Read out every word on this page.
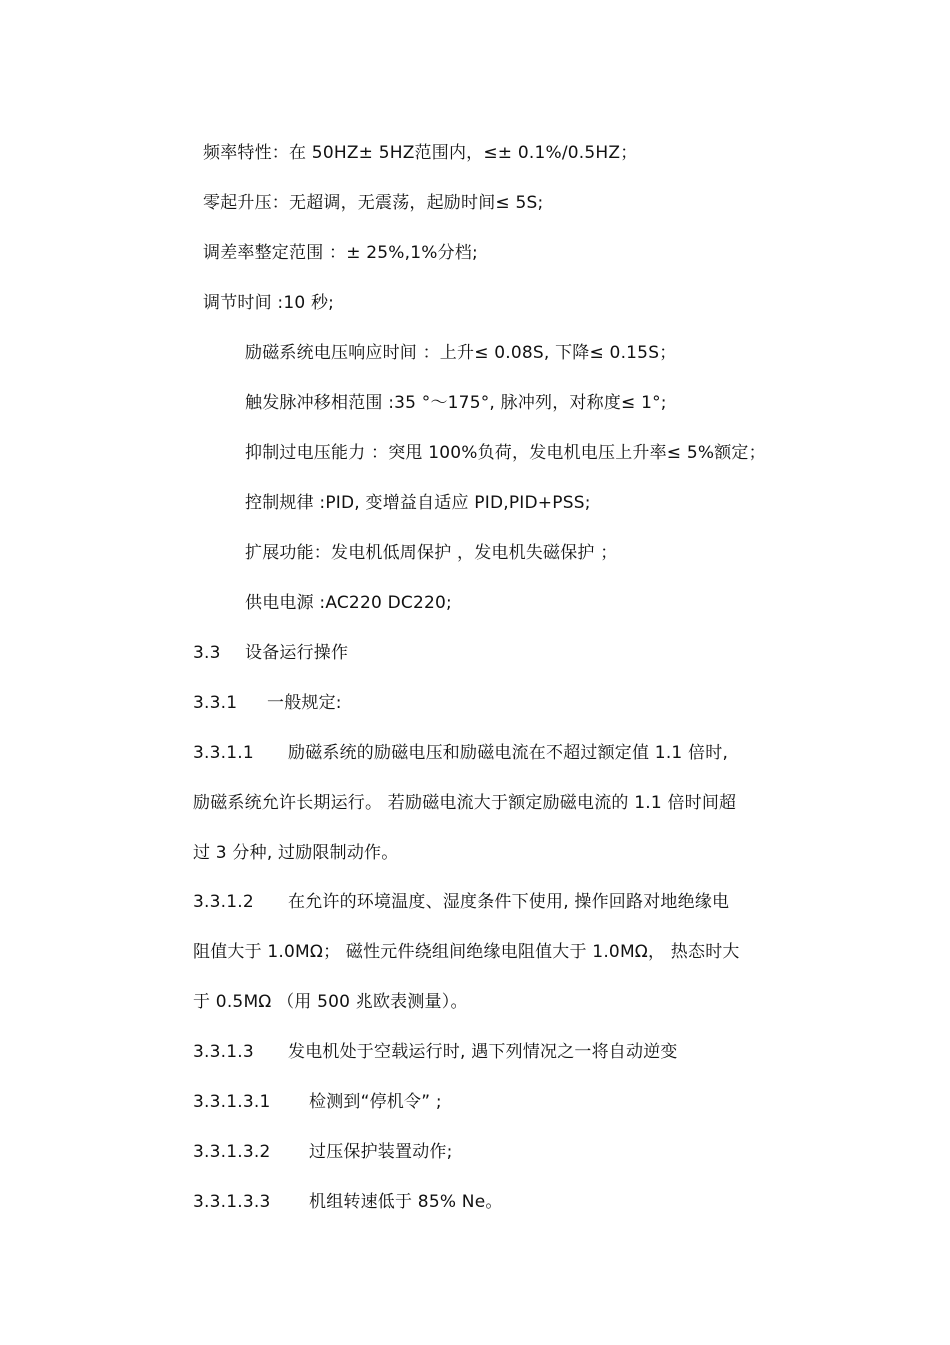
频率特性：在 50HZ± 5HZ范围内，≤± 0.1%/0.5HZ；
零起升压：无超调，无震荡，起励时间≤ 5S;
调差率整定范围 ：± 25%,1%分档;
调节时间 :10 秒;
励磁系统电压响应时间 ：上升≤ 0.08S, 下降≤ 0.15S；
触发脉冲移相范围 :35 °～175°, 脉冲列，对称度≤ 1°;
抑制过电压能力 ：突甩 100%负荷，发电机电压上升率≤ 5%额定；
控制规律 :PID, 变增益自适应 PID,PID+PSS;
扩展功能：发电机低周保护 ，发电机失磁保护 ；
供电电源 :AC220 DC220;
3.3 设备运行操作
3.3.1 一般规定:
3.3.1.1 励磁系统的励磁电压和励磁电流在不超过额定值 1.1 倍时,
励磁系统允许长期运行。 若励磁电流大于额定励磁电流的 1.1 倍时间超
过 3 分种, 过励限制动作。
3.3.1.2 在允许的环境温度、湿度条件下使用, 操作回路对地绝缘电
阻值大于 1.0MΩ； 磁性元件绕组间绝缘电阻值大于 1.0MΩ， 热态时大
于 0.5MΩ （用 500 兆欧表测量）。
3.3.1.3 发电机处于空载运行时, 遇下列情况之一将自动逆变
3.3.1.3.1 检测到“停机令” ;
3.3.1.3.2 过压保护装置动作;
3.3.1.3.3 机组转速低于 85% Ne。
